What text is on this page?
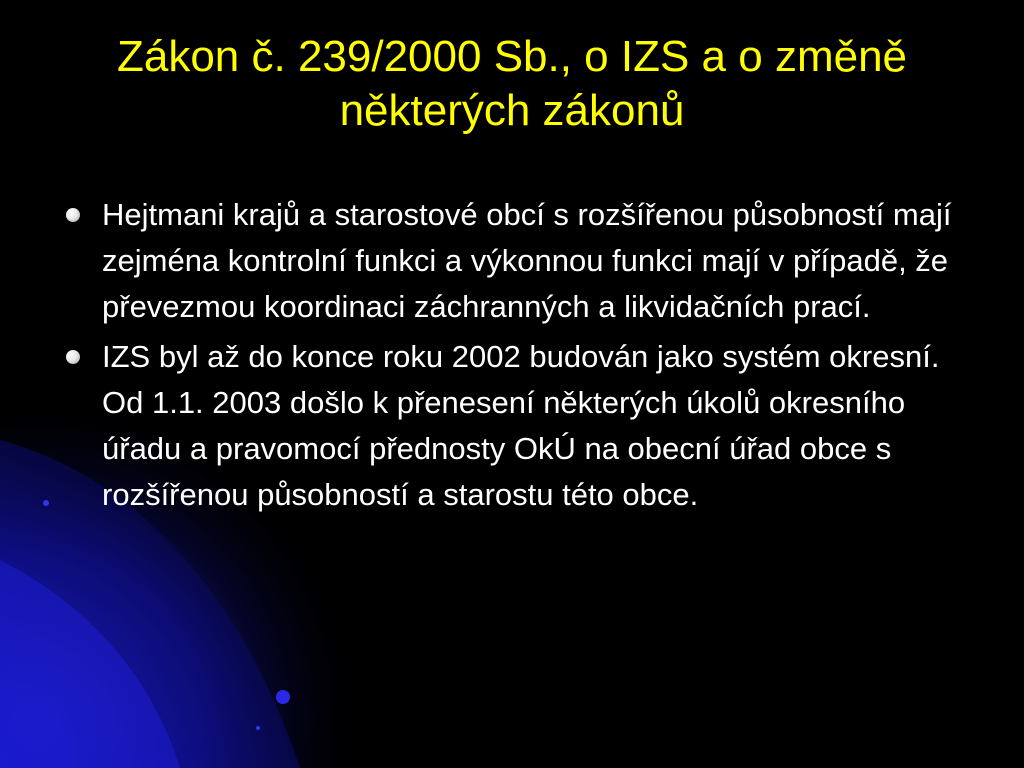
Zákon č. 239/2000 Sb., o IZS a o změně některých zákonů
Hejtmani krajů a starostové obcí s rozšířenou působností mají zejména kontrolní funkci a výkonnou funkci mají v případě, že převezmou koordinaci záchranných a likvidačních prací.
IZS byl až do konce roku 2002 budován jako systém okresní. Od 1.1. 2003 došlo k přenesení některých úkolů okresního úřadu a pravomocí přednosty OkÚ na obecní úřad obce s rozšířenou působností a starostu této obce.
